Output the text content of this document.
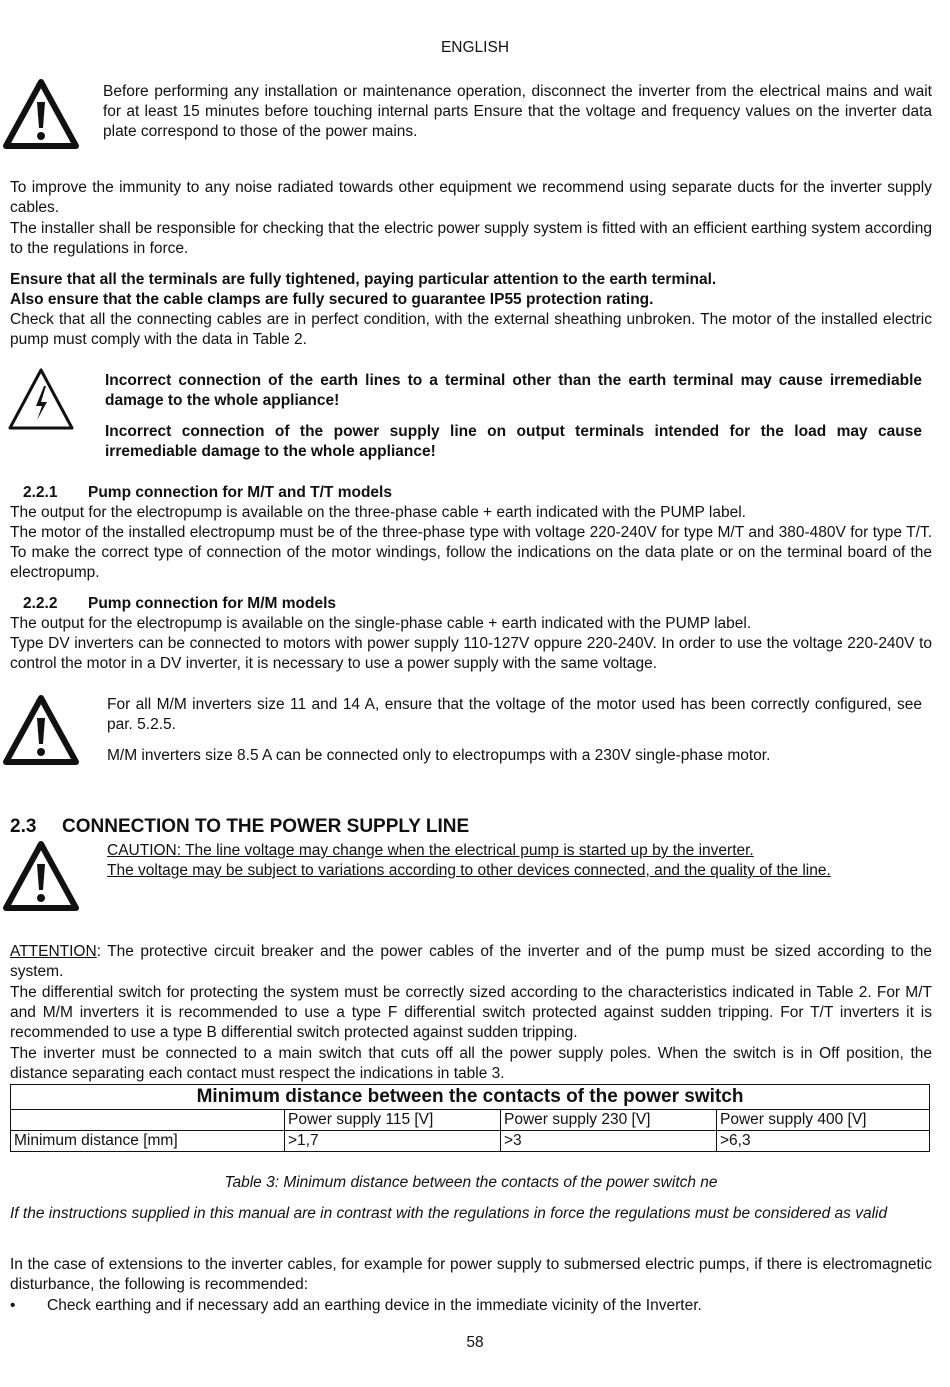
ENGLISH

Before performing any installation or maintenance operation, disconnect the inverter from the electrical mains and wait for at least 15 minutes before touching internal parts Ensure that the voltage and frequency values on the inverter data plate correspond to those of the power mains.

To improve the immunity to any noise radiated towards other equipment we recommend using separate ducts for the inverter supply cables.

The installer shall be responsible for checking that the electric power supply system is fitted with an efficient earthing system according to the regulations in force.

Ensure that all the terminals are fully tightened, paying particular attention to the earth terminal.

Also ensure that the cable clamps are fully secured to guarantee IP55 protection rating.

Check that all the connecting cables are in perfect condition, with the external sheathing unbroken. The motor of the installed electric pump must comply with the data in Table 2.

Incorrect connection of the earth lines to a terminal other than the earth terminal may cause irremediable damage to the whole appliance!

Incorrect connection of the power supply line on output terminals intended for the load may cause irremediable damage to the whole appliance!

2.2.1 Pump connection for M/T and T/T models

The output for the electropump is available on the three-phase cable + earth indicated with the PUMP label.

The motor of the installed electropump must be of the three-phase type with voltage 220-240V for type M/T and 380-480V for type T/T. To make the correct type of connection of the motor windings, follow the indications on the data plate or on the terminal board of the electropump.

2.2.2 Pump connection for M/M models

The output for the electropump is available on the single-phase cable + earth indicated with the PUMP label.

Type DV inverters can be connected to motors with power supply 110-127V oppure 220-240V. In order to use the voltage 220-240V to control the motor in a DV inverter, it is necessary to use a power supply with the same voltage.

For all M/M inverters size 11 and 14 A, ensure that the voltage of the motor used has been correctly configured, see par. 5.2.5.

M/M inverters size 8.5 A can be connected only to electropumps with a 230V single-phase motor.

2.3 CONNECTION TO THE POWER SUPPLY LINE

CAUTION: The line voltage may change when the electrical pump is started up by the inverter.

The voltage may be subject to variations according to other devices connected, and the quality of the line.

ATTENTION: The protective circuit breaker and the power cables of the inverter and of the pump must be sized according to the system.

The differential switch for protecting the system must be correctly sized according to the characteristics indicated in Table 2. For M/T and M/M inverters it is recommended to use a type F differential switch protected against sudden tripping. For T/T inverters it is recommended to use a type B differential switch protected against sudden tripping.

The inverter must be connected to a main switch that cuts off all the power supply poles. When the switch is in Off position, the distance separating each contact must respect the indications in table 3.

Minimum distance between the contacts of the power switch			
	Power supply 115 [V]	Power supply 230 [V]	Power supply 400 [V]
Minimum distance [mm]	>1,7	>3	>6,3
Table 3: Minimum distance between the contacts of the power switch ne

If the instructions supplied in this manual are in contrast with the regulations in force the regulations must be considered as valid

In the case of extensions to the inverter cables, for example for power supply to submersed electric pumps, if there is electromagnetic disturbance, the following is recommended:

• Check earthing and if necessary add an earthing device in the immediate vicinity of the Inverter.

58
